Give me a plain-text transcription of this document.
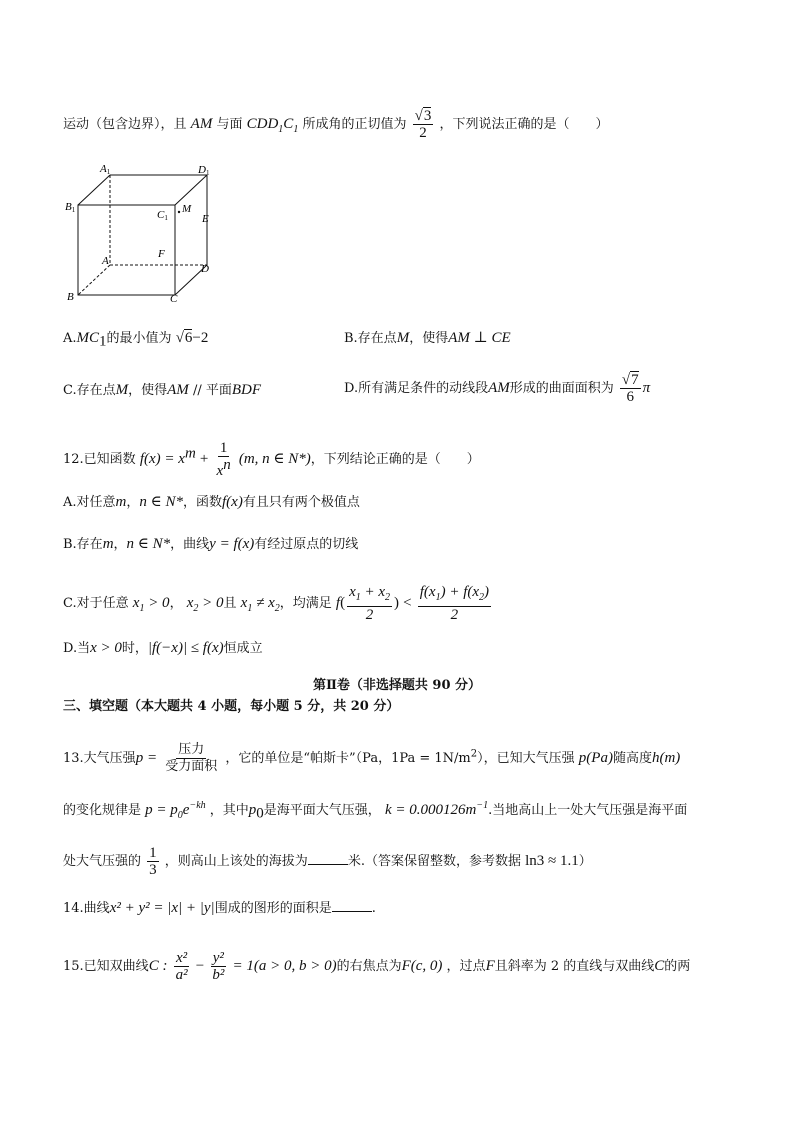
运动（包含边界），且 AM 与面 $CDD_1C_1$ 所成角的正切值为 $\frac{√3}{2}$ ，下列说法正确的是（　　）
A1	D1
B1	C1
M
E
F
A
D
B	C
$A.MC_1$的最小值为 √6−2	B.存在点M，使得AM ⊥ CE
C.存在点M，使得AM // 平面BDF	D.所有满足条件的动线段AM形成的曲面面积为 $\frac{√7}{6}$ π
12.已知函数 $f(x) = x^m + \frac{1}{x^n} (m$, n ∈ N*)，下列结论正确的是（　　）
A.对任意m，n ∈ N*，函数f(x)有且只有两个极值点
B.存在m，n ∈ N*，曲线y = f(x)有经过原点的切线
C.对于任意 $x_1 > 0$， $x_2 > 0$且 $x_1 \ne x_2$，均满足 $f( \frac{x_1 + x_2}{2}$ ) < $\frac{f(x_1) + f(x_2)}{2}$
D.当x > 0时，|f(−x)| ≤ f(x)恒成立
第Ⅱ卷（非选择题共 90 分）
三、填空题（本大题共 4 小题，每小题 5 分，共 20 分）
13.大气压强$p = \frac{\text{压力}}{\text{受力面积}}$ ，它的单位是“帕斯卡”（Pa，$1Pa = 1N/m^2$），已知大气压强 p(Pa)随高度h(m)
的变化规律是 $p = p_0e^{-kh}$ ，其中$p_0$是海平面大气压强， $k = 0.000126m^{-1}$.当地高山上一处大气压强是海平面
处大气压强的 $\frac{1}{3}$ ，则高山上该处的海拔为	米.（答案保留整数，参考数据 ln3 ≈ 1.1）
14.曲线x² + y² = |x| + |y|围成的图形的面积是	.
15.已知双曲线C : $\frac{\text{x²}}{\text{a²}} - \frac{\text{y²}}{\text{b²}} = 1(a > 0$, b > 0)的右焦点为F(c, 0) ，过点F且斜率为 2 的直线与双曲线C的两
